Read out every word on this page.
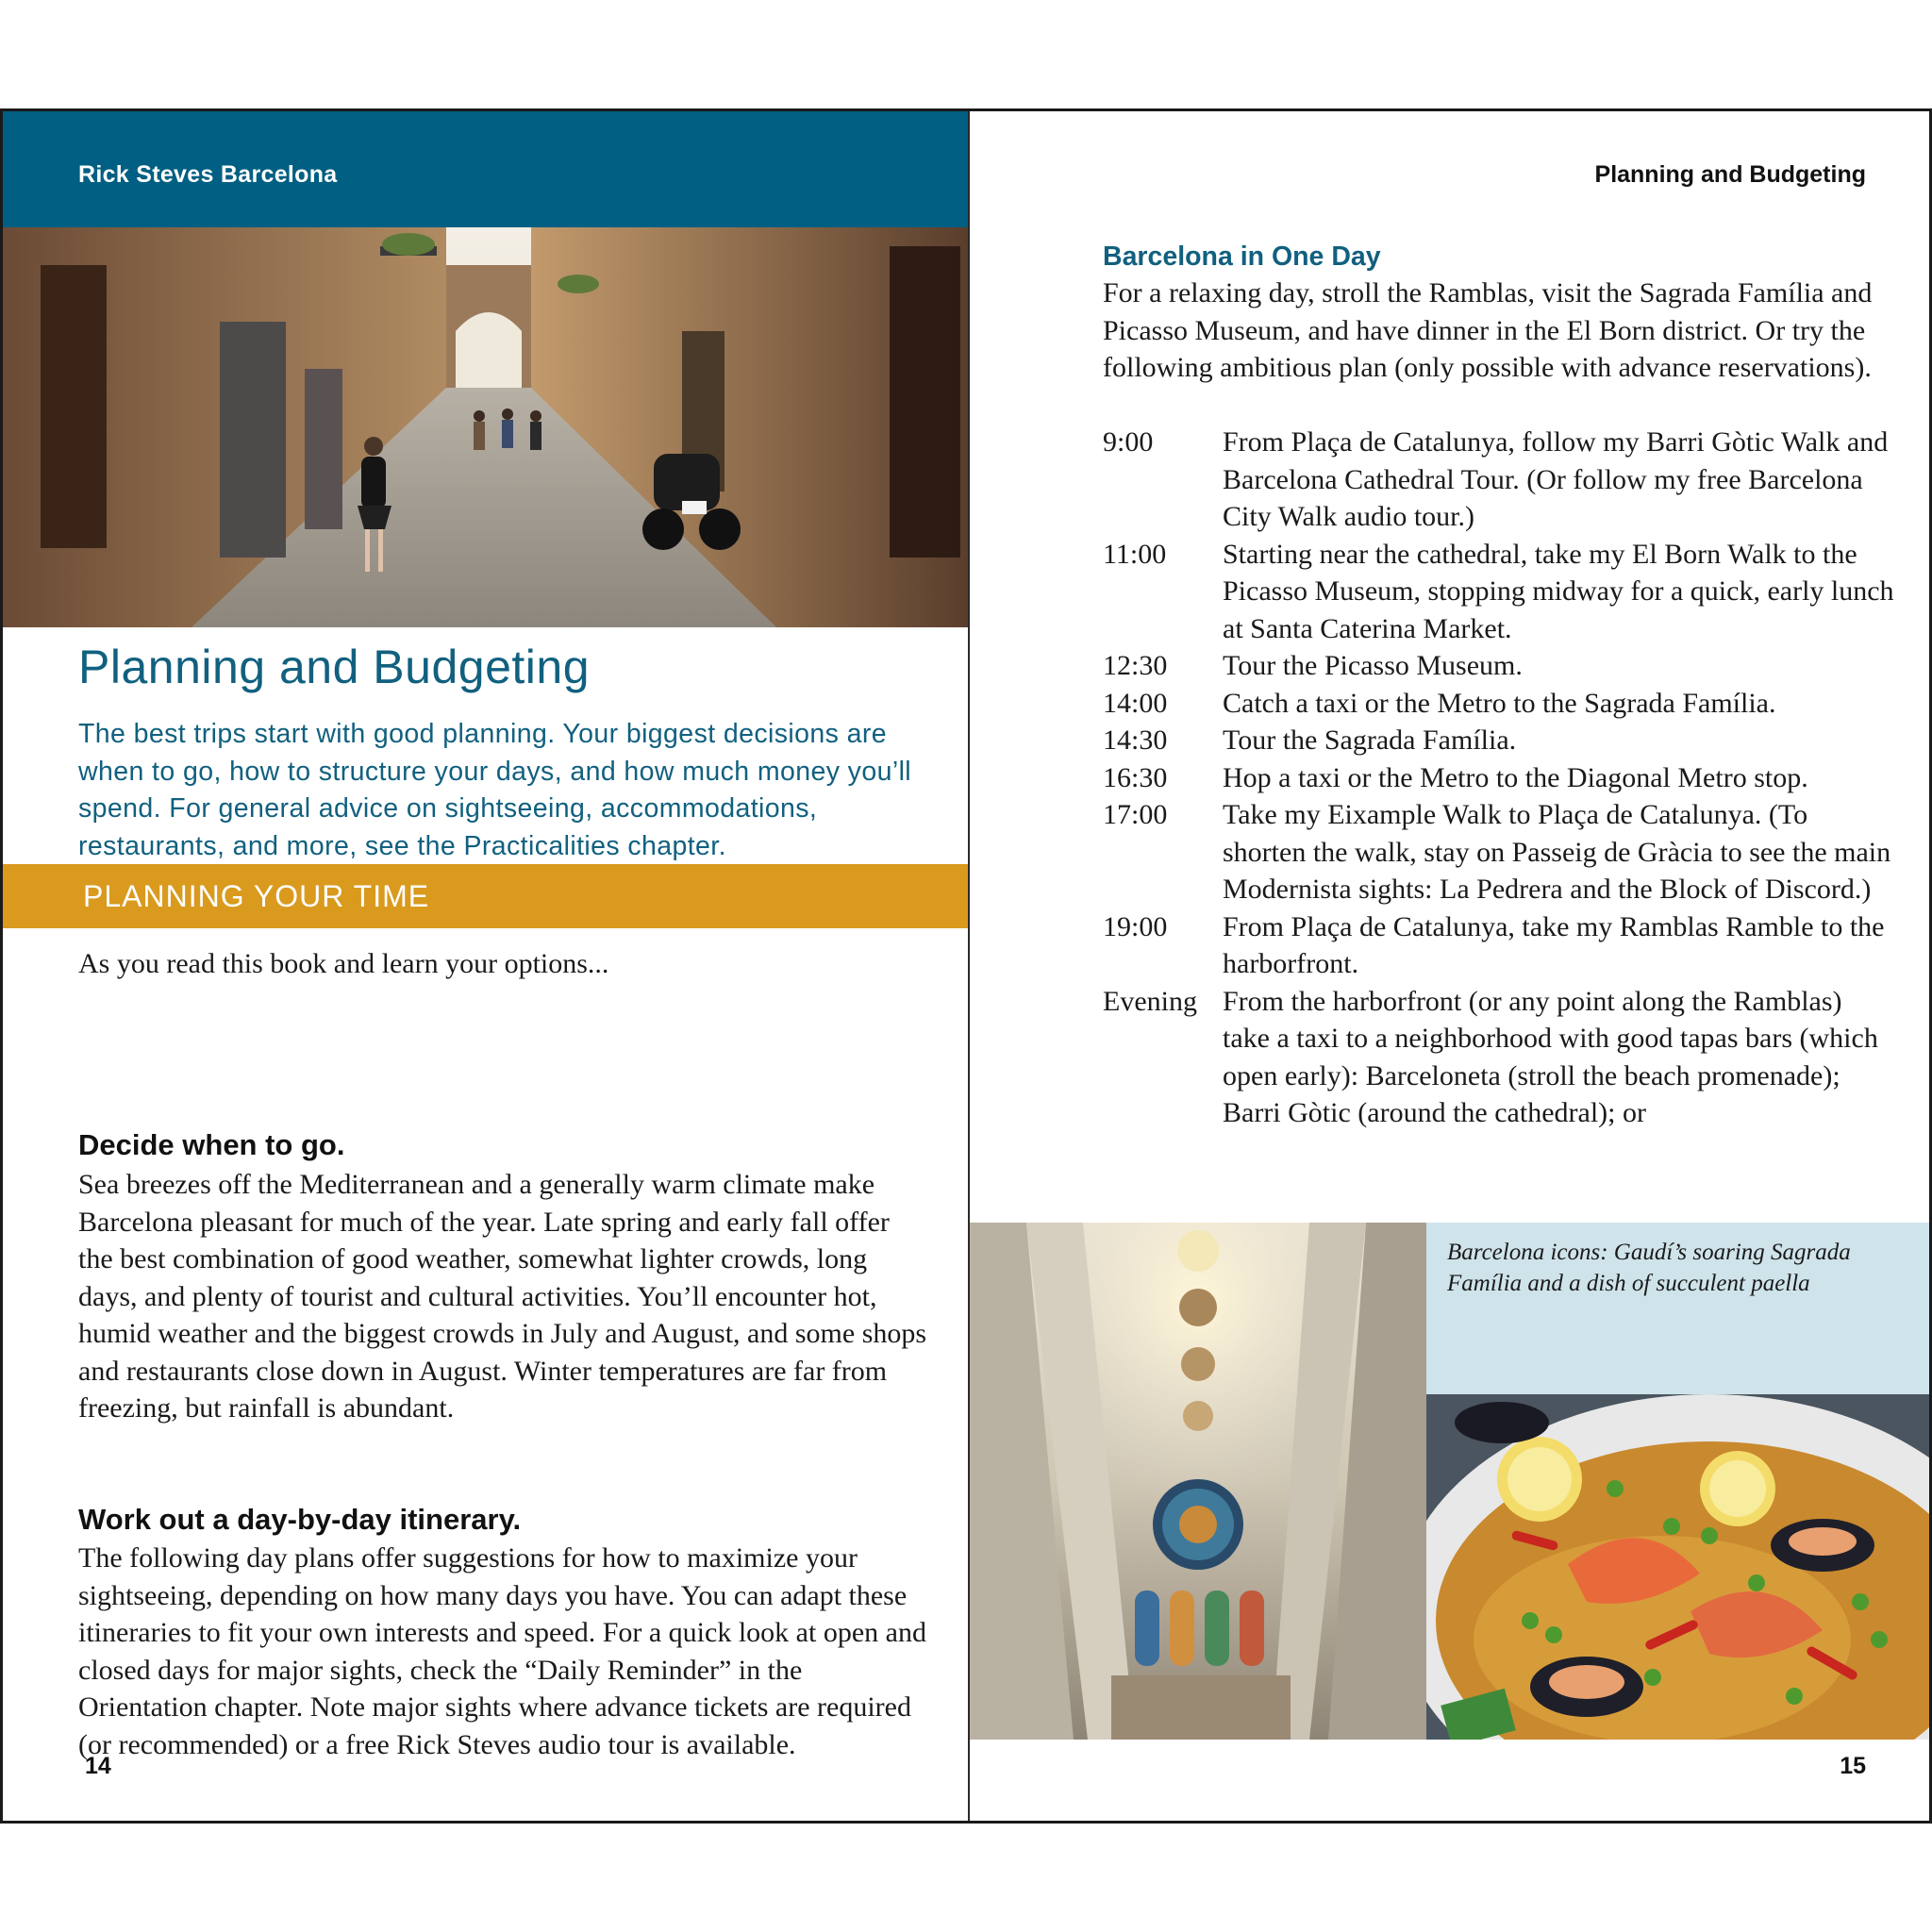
Rick Steves Barcelona
Planning and Budgeting
The best trips start with good planning. Your biggest decisions are when to go, how to structure your days, and how much money you’ll spend. For general advice on sightseeing, accommodations, restaurants, and more, see the Practicalities chapter.
PLANNING YOUR TIME
As you read this book and learn your options...
Decide when to go.
Sea breezes off the Mediterranean and a generally warm climate make Barcelona pleasant for much of the year. Late spring and early fall offer the best combination of good weather, somewhat lighter crowds, long days, and plenty of tourist and cultural activities. You’ll encounter hot, humid weather and the biggest crowds in July and August, and some shops and restaurants close down in August. Winter temperatures are far from freezing, but rainfall is abundant.
Work out a day-by-day itinerary.
The following day plans offer suggestions for how to maximize your sightseeing, depending on how many days you have. You can adapt these itineraries to fit your own interests and speed. For a quick look at open and closed days for major sights, check the “Daily Reminder” in the Orientation chapter. Note major sights where advance tickets are required (or recommended) or a free Rick Steves audio tour is available.
14
Planning and Budgeting
Barcelona in One Day
For a relaxing day, stroll the Ramblas, visit the Sagrada Família and Picasso Museum, and have dinner in the El Born district. Or try the following ambitious plan (only possible with advance reservations).
9:00	From Plaça de Catalunya, follow my Barri Gòtic Walk and Barcelona Cathedral Tour. (Or follow my free Barcelona City Walk audio tour.)
11:00	Starting near the cathedral, take my El Born Walk to the Picasso Museum, stopping midway for a quick, early lunch at Santa Caterina Market.
12:30	Tour the Picasso Museum.
14:00	Catch a taxi or the Metro to the Sagrada Família.
14:30	Tour the Sagrada Família.
16:30	Hop a taxi or the Metro to the Diagonal Metro stop.
17:00	Take my Eixample Walk to Plaça de Catalunya. (To shorten the walk, stay on Passeig de Gràcia to see the main Modernista sights: La Pedrera and the Block of Discord.)
19:00	From Plaça de Catalunya, take my Ramblas Ramble to the harborfront.
Evening From the harborfront (or any point along the Ramblas) take a taxi to a neighborhood with good tapas bars (which open early): Barceloneta (stroll the beach promenade); Barri Gòtic (around the cathedral); or
Barcelona icons: Gaudí’s soaring Sagrada Família and a dish of succulent paella
15
